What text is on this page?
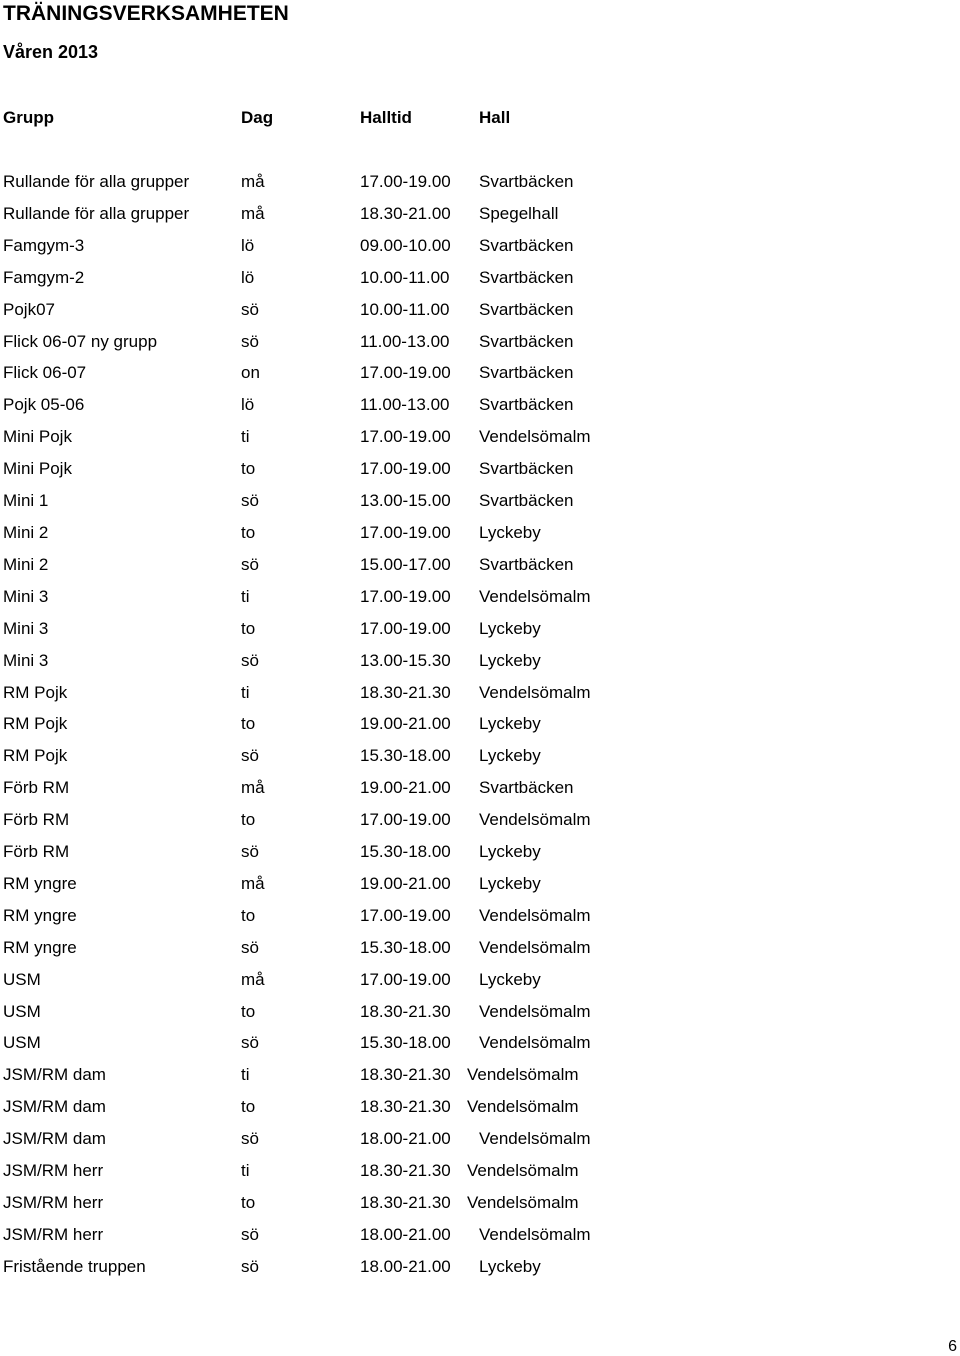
TRÄNINGSVERKSAMHETEN
Våren 2013
Grupp	Dag	Halltid	Hall
Rullande för alla grupper	må	17.00-19.00 Svartbäcken
Rullande för alla grupper	må	18.30-21.00 Spegelhall
Famgym-3	lö	09.00-10.00 Svartbäcken
Famgym-2	lö	10.00-11.00 Svartbäcken
Pojk07	sö	10.00-11.00 Svartbäcken
Flick 06-07 ny grupp	sö	11.00-13.00 Svartbäcken
Flick 06-07	on	17.00-19.00 Svartbäcken
Pojk 05-06	lö	11.00-13.00 Svartbäcken
Mini Pojk	ti	17.00-19.00 Vendelsömalm
Mini Pojk	to	17.00-19.00 Svartbäcken
Mini 1	sö	13.00-15.00 Svartbäcken
Mini 2	to	17.00-19.00 Lyckeby
Mini 2	sö	15.00-17.00 Svartbäcken
Mini 3	ti	17.00-19.00 Vendelsömalm
Mini 3	to	17.00-19.00 Lyckeby
Mini 3	sö	13.00-15.30 Lyckeby
RM Pojk	ti	18.30-21.30 Vendelsömalm
RM Pojk	to	19.00-21.00 Lyckeby
RM Pojk	sö	15.30-18.00 Lyckeby
Förb RM	må	19.00-21.00 Svartbäcken
Förb RM	to	17.00-19.00 Vendelsömalm
Förb RM	sö	15.30-18.00 Lyckeby
RM yngre	må	19.00-21.00 Lyckeby
RM yngre	to	17.00-19.00 Vendelsömalm
RM yngre	sö	15.30-18.00 Vendelsömalm
USM	må	17.00-19.00 Lyckeby
USM	to	18.30-21.30 Vendelsömalm
USM	sö	15.30-18.00 Vendelsömalm
JSM/RM dam	ti	18.30-21.30 Vendelsömalm
JSM/RM dam	to	18.30-21.30 Vendelsömalm
JSM/RM dam	sö	18.00-21.00 Vendelsömalm
JSM/RM herr	ti	18.30-21.30 Vendelsömalm
JSM/RM herr	to	18.30-21.30 Vendelsömalm
JSM/RM herr	sö	18.00-21.00 Vendelsömalm
Fristående truppen	sö	18.00-21.00 Lyckeby
6
